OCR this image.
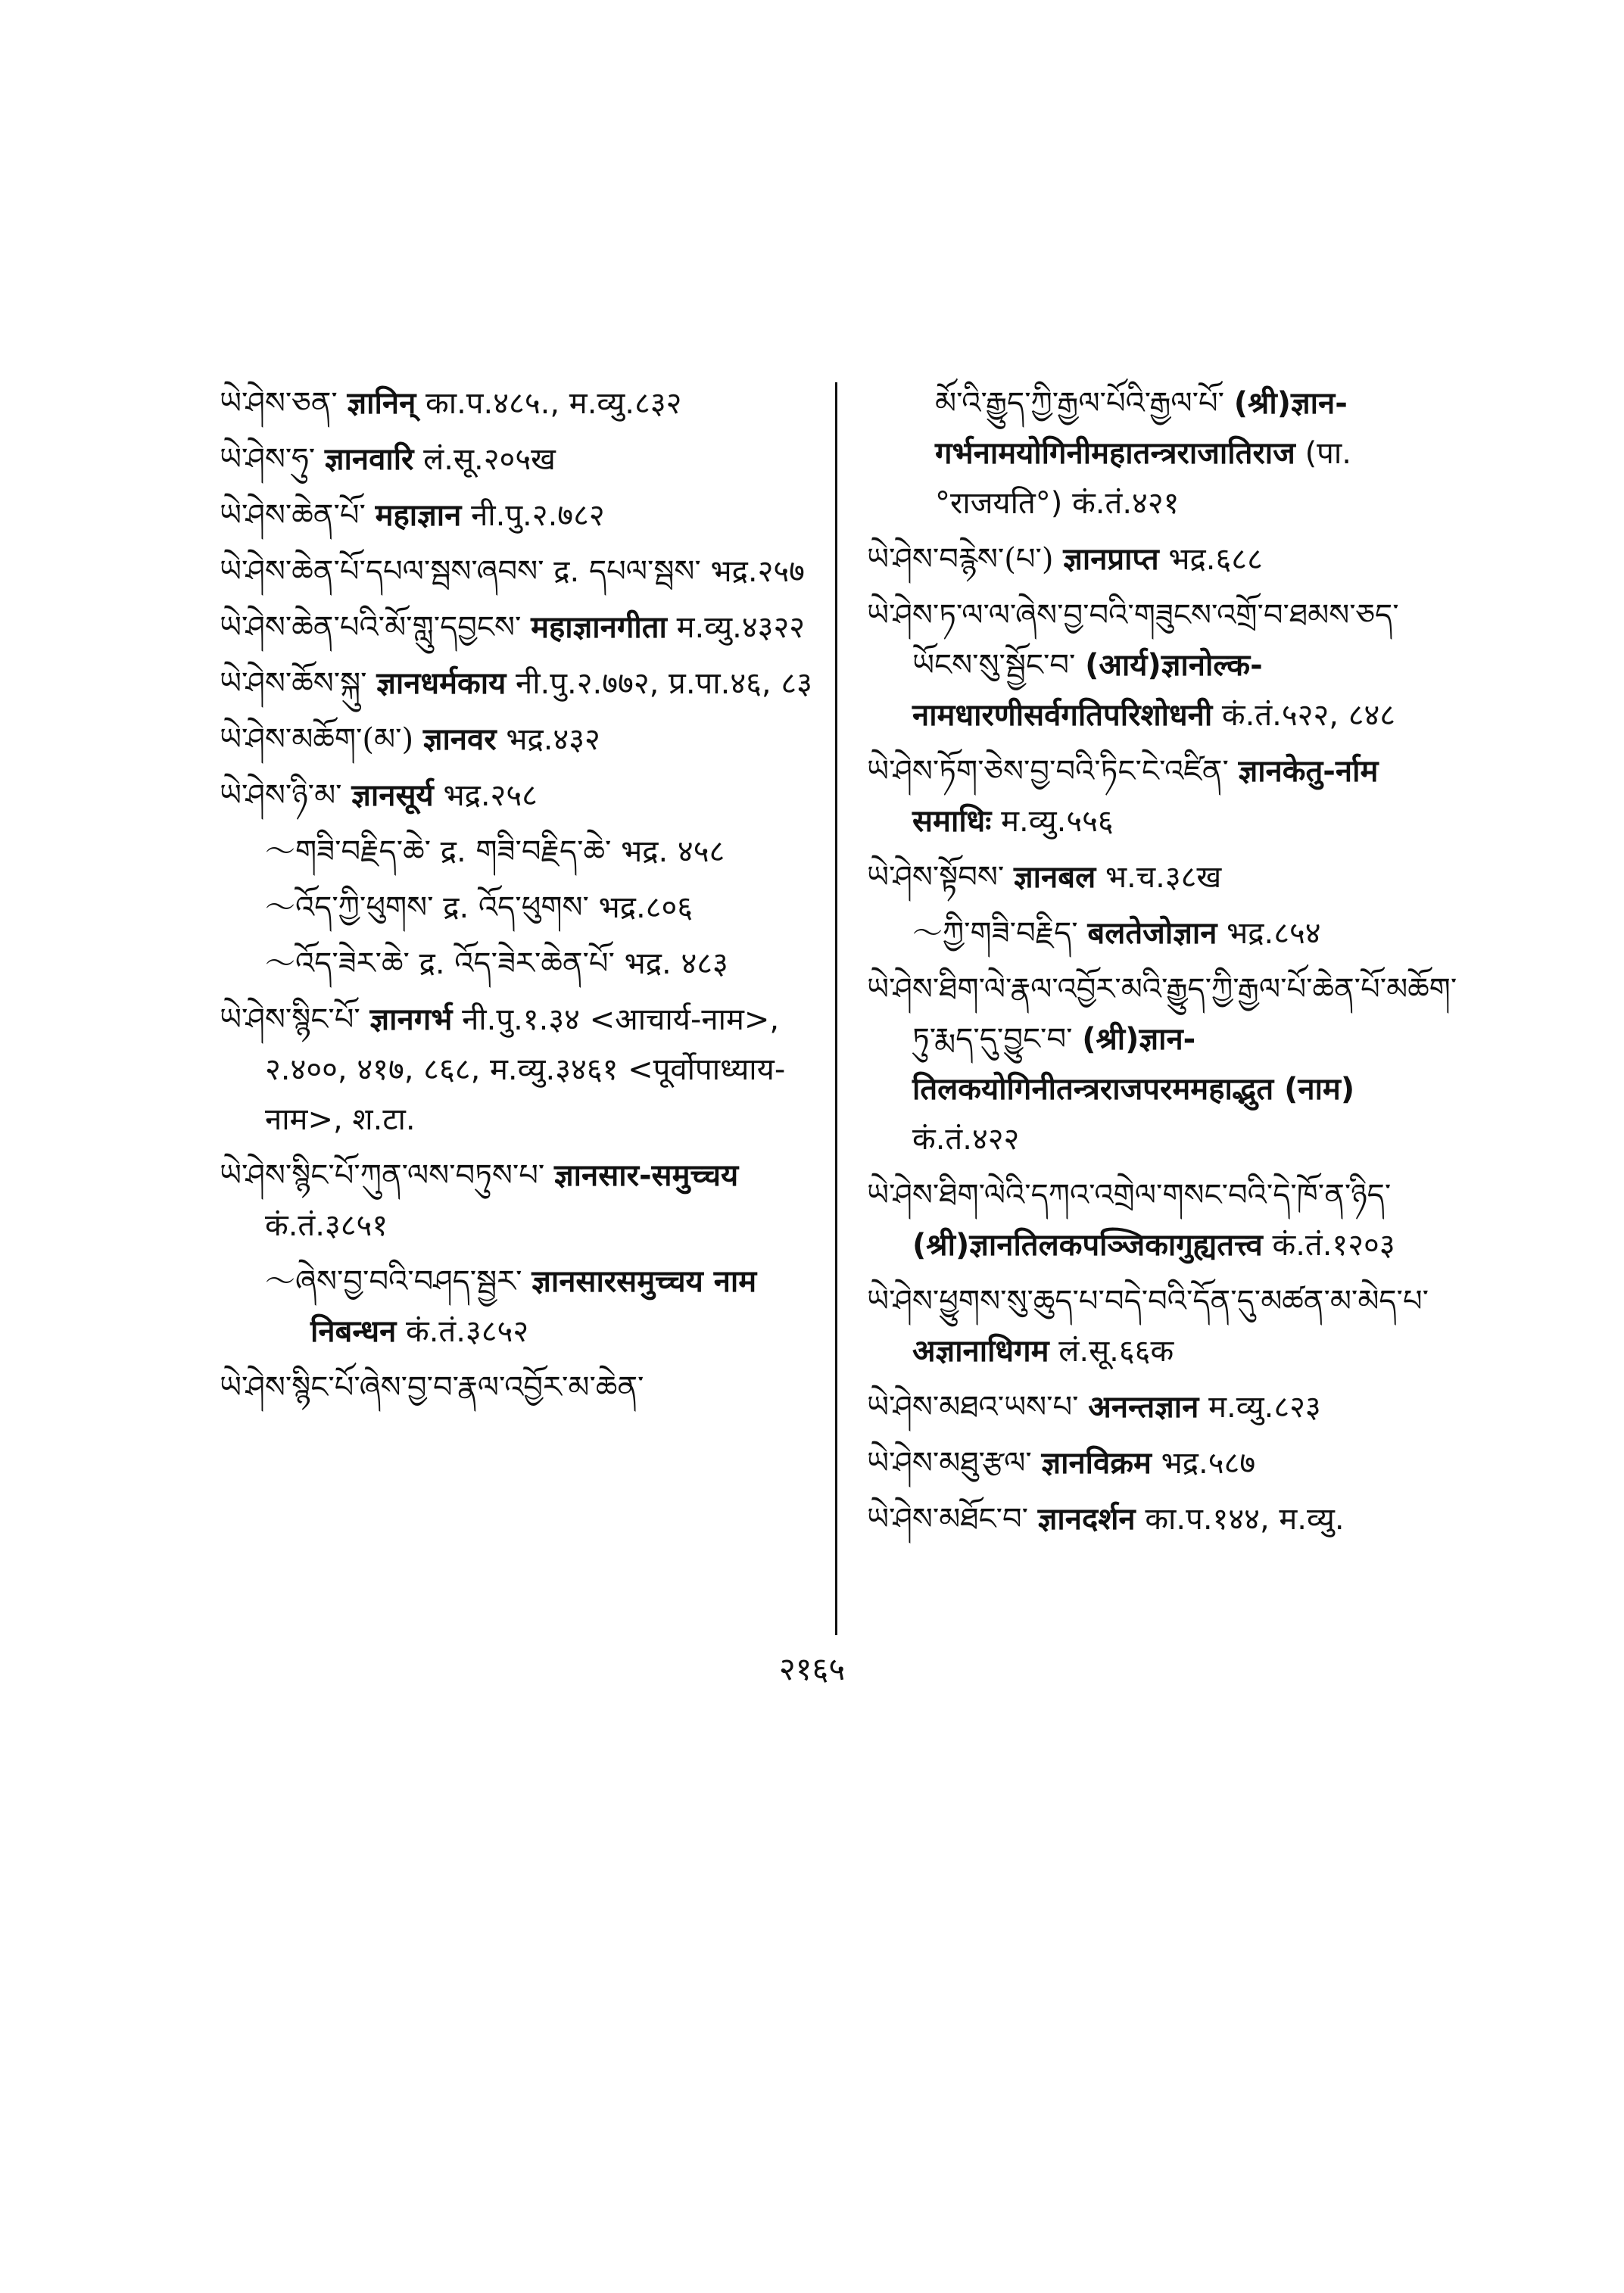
ཡེ་ཤེས་ཅན་ ज्ञानिन् का.प.४८५., म.व्यु.८३२
ཡེ་ཤེས་ཧུ་ ज्ञानवारि लं.सू.२०५ख
ཡེ་ཤེས་ཆེན་པོ་ महाज्ञान नी.पु.२.७८२
ཡེ་ཤེས་ཆེན་པོ་དཔལ་སྦས་ཞབས་ द्र. དཔལ་སྦས་ भद्र.२५७
ཡེ་ཤེས་ཆེན་པའི་མོ་གླུ་དབྱངས་ महाज्ञानगीता म.व्यु.४३२२
ཡེ་ཤེས་ཆོས་སྐུ་ ज्ञानधर्मकाय नी.पु.२.७७२, प्र.पा.४६, ८३
ཡེ་ཤེས་མཆོག་(མ་) ज्ञानवर भद्र.४३२
ཡེ་ཤེས་ཉི་མ་ ज्ञानसूर्य भद्र.२५८
～གཟི་བརྗིད་ཆེ་ द्र. གཟི་བརྗིད་ཆེ་ भद्र. ४५८
～འོད་ཀྱི་ཕུགས་ द्र. འོད་ཕུགས་ भद्र.८०६
～འོད་ཟེར་ཆེ་ द्र. འོད་ཟེར་ཆེན་པོ་ भद्र. ४८३
ཡེ་ཤེས་སྙིང་པོ་ ज्ञानगर्भ नी.पु.१.३४ <आचार्य-नाम>, २.४००, ४१७, ८६८, म.व्यु.३४६१ <पूर्वोपाध्याय-नाम>, श.टा.
ཡེ་ཤེས་སྙིང་པོ་ཀུན་ལས་བཏུས་པ་ ज्ञानसार-समुच्चय कं.तं.३८५१
～ཞེས་བྱ་བའི་བཤད་སྦྱར་ ज्ञानसारसमुच्चय नाम निबन्धन कं.तं.३८५२
ཡེ་ཤེས་སྙིང་པོ་ཞེས་བྱ་བ་རྣལ་འབྱོར་མ་ཆེན་
མོ་འི་རྒྱུད་ཀྱི་རྒྱལ་པོའི་རྒྱལ་པོ་ (श्री)ज्ञान-गर्भनामयोगिनीमहातन्त्रराजातिराज (पा. °राजयति°) कं.तं.४२१
ཡེ་ཤེས་བརྙེས་(པ་) ज्ञानप्राप्त भद्र.६८८
ཡེ་ཤེས་ཏ་ལ་ལ་ཞེས་བྱ་བའི་གཟུངས་འགྲོ་བ་ཐམས་ཅད་ཡོངས་སུ་སྦྱོང་བ་ (आर्य)ज्ञानोल्क-नामधारणीसर्वगतिपरिशोधनी कं.तं.५२२, ८४८
ཡེ་ཤེས་ཏོག་ཅེས་བྱ་བའི་ཏིང་ངེ་འཛིན་ ज्ञानकेतु-र्नाम समाधिः म.व्यु.५५६
ཡེ་ཤེས་སྟོབས་ ज्ञानबल भ.च.३८ख
～ཀྱི་གཟི་བརྗིད་ बलतेजोज्ञान भद्र.८५४
ཡེ་ཤེས་ཐིག་ལེ་རྣལ་འབྱོར་མའི་རྒྱུད་ཀྱི་རྒྱལ་པོ་ཆེན་པོ་མཆོག་ཏུ་རྨད་དུ་བྱུང་བ་ (श्री)ज्ञान-तिलकयोगिनीतन्त्रराजपरममहाद्भुत (नाम) कं.तं.४२२
ཡེ་ཤེས་ཐིག་ལེའི་དཀའ་འགྲེལ་གསང་བའི་དེ་ཁོ་ན་ཉིད་ (श्री)ज्ञानतिलकपञ्जिकागुह्यतत्त्व कं.तं.१२०३
ཡེ་ཤེས་ཕྱུགས་སུ་ཆུད་པ་བདེ་བའི་དོན་དུ་མཚན་མ་མེད་པ་ अज्ञानाधिगम लं.सू.६६क
ཡེ་ཤེས་མཐའ་ཡས་པ་ अनन्तज्ञान म.व्यु.८२३
ཡེ་ཤེས་མཐུ་རྩལ་ ज्ञानविक्रम भद्र.५८७
ཡེ་ཤེས་མཐོང་བ་ ज्ञानदर्शन का.प.१४४, म.व्यु.
२१६५
